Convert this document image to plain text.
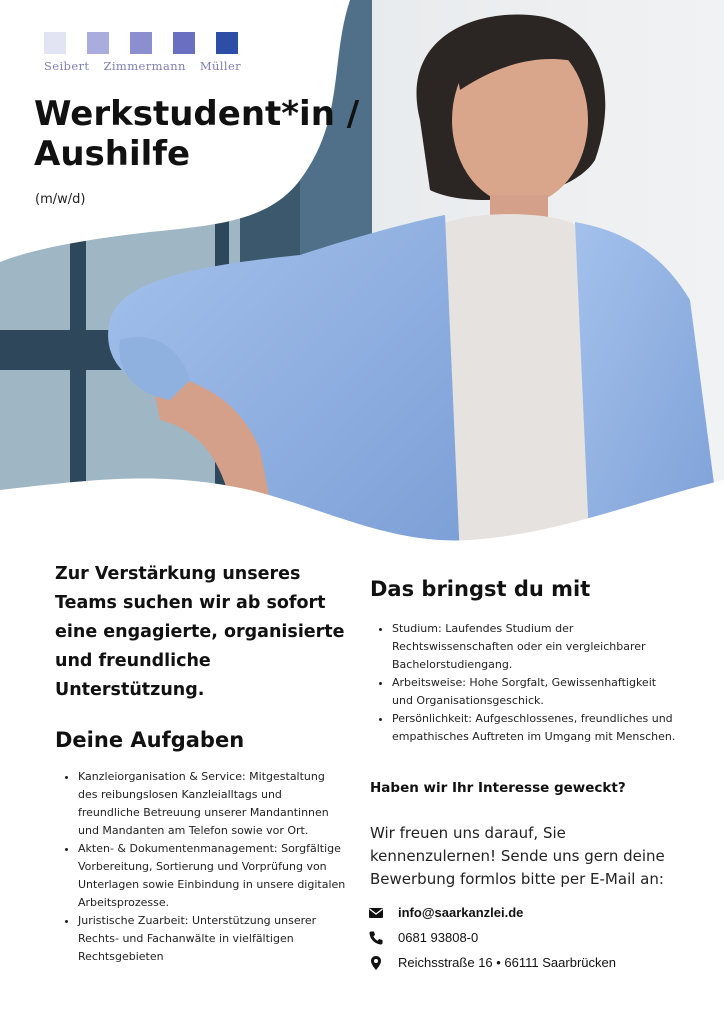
Seibert Zimmermann Müller
Werkstudent*in / Aushilfe
(m/w/d)

Zur Verstärkung unseres Teams suchen wir ab sofort eine engagierte, organisierte und freundliche Unterstützung.

Deine Aufgaben
• Kanzleiorganisation & Service: Mitgestaltung des reibungslosen Kanzleialltags und freundliche Betreuung unserer Mandantinnen und Mandanten am Telefon sowie vor Ort.
• Akten- & Dokumentenmanagement: Sorgfältige Vorbereitung, Sortierung und Vorprüfung von Unterlagen sowie Einbindung in unsere digitalen Arbeitsprozesse.
• Juristische Zuarbeit: Unterstützung unserer Rechts- und Fachanwälte in vielfältigen Rechtsgebieten
Das bringst du mit
• Studium: Laufendes Studium der Rechtswissenschaften oder ein vergleichbarer Bachelorstudiengang.
• Arbeitsweise: Hohe Sorgfalt, Gewissenhaftigkeit und Organisationsgeschick.
• Persönlichkeit: Aufgeschlossenes, freundliches und empathisches Auftreten im Umgang mit Menschen.
Haben wir Ihr Interesse geweckt?

Wir freuen uns darauf, Sie kennenzulernen! Sende uns gern deine Bewerbung formlos bitte per E-Mail an:

info@saarkanzlei.de
0681 93808-0
Reichsstraße 16 • 66111 Saarbrücken
